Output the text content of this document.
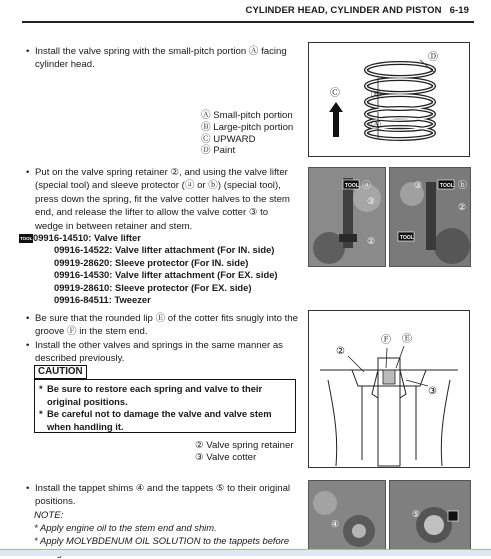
CYLINDER HEAD, CYLINDER AND PISTON 6-19
• Install the valve spring with the small-pitch portion Ⓐ facing
cylinder head.
Ⓐ Small-pitch portion
Ⓑ Large-pitch portion
Ⓒ UPWARD
Ⓓ Paint
Ⓓ
Ⓑ
Ⓐ
Ⓒ
• Put on the valve spring retainer ②, and using the valve lifter
(special tool) and sleeve protector (ⓐ or ⓑ) (special tool),
press down the spring, fit the valve cotter halves to the stem
end, and release the lifter to allow the valve cotter ③ to
wedge in between retainer and stem.
TOOL 09916-14510: Valve lifter
09916-14522: Valve lifter attachment (For IN. side)
09919-28620: Sleeve protector (For IN. side)
09916-14530: Valve lifter attachment (For EX. side)
09919-28610: Sleeve protector (For EX. side)
09916-84511: Tweezer
TOOL ⓐ
③
②
TOOL
TOOL
ⓑ
③
②
• Be sure that the rounded lip Ⓔ of the cotter fits snugly into the
groove Ⓕ in the stem end.
• Install the other valves and springs in the same manner as
described previously.
CAUTION
* Be sure to restore each spring and valve to their
original positions.
* Be careful not to damage the valve and valve stem
when handling it.
② Valve spring retainer
③ Valve cotter
Ⓕ Ⓔ
②
③
• Install the tappet shims ④ and the tappets ⑤ to their original
positions.
NOTE:
* Apply engine oil to the stem end and shim.
* Apply MOLYBDENUM OIL SOLUTION to the tappets before
④
⑤
